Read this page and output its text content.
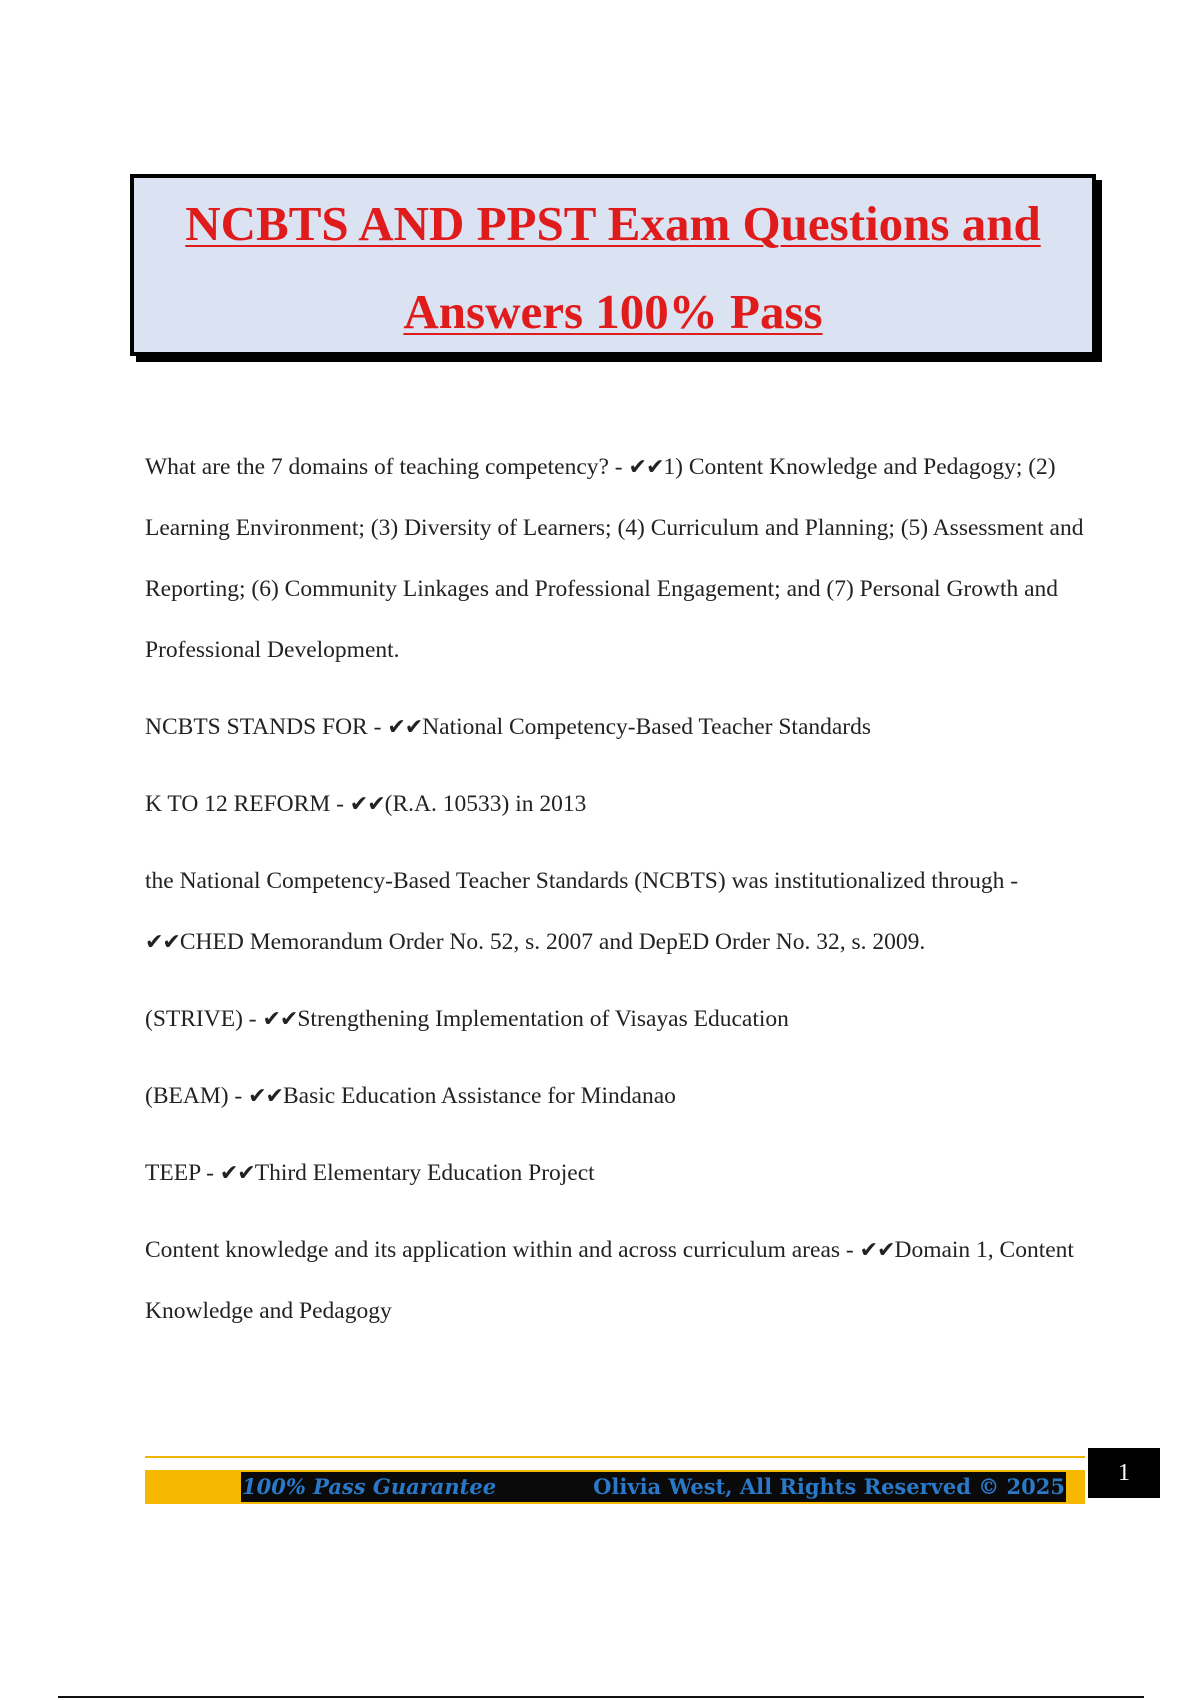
NCBTS AND PPST Exam Questions and
Answers 100% Pass

What are the 7 domains of teaching competency? - ✔✔1) Content Knowledge and Pedagogy; (2) Learning Environment; (3) Diversity of Learners; (4) Curriculum and Planning; (5) Assessment and Reporting; (6) Community Linkages and Professional Engagement; and (7) Personal Growth and Professional Development.

NCBTS STANDS FOR - ✔✔National Competency-Based Teacher Standards

K TO 12 REFORM - ✔✔(R.A. 10533) in 2013

the National Competency-Based Teacher Standards (NCBTS) was institutionalized through - ✔✔CHED Memorandum Order No. 52, s. 2007 and DepED Order No. 32, s. 2009.

(STRIVE) - ✔✔Strengthening Implementation of Visayas Education

(BEAM) - ✔✔Basic Education Assistance for Mindanao

TEEP - ✔✔Third Elementary Education Project

Content knowledge and its application within and across curriculum areas - ✔✔Domain 1, Content Knowledge and Pedagogy

100% Pass Guarantee	Olivia West, All Rights Reserved © 2025
1
